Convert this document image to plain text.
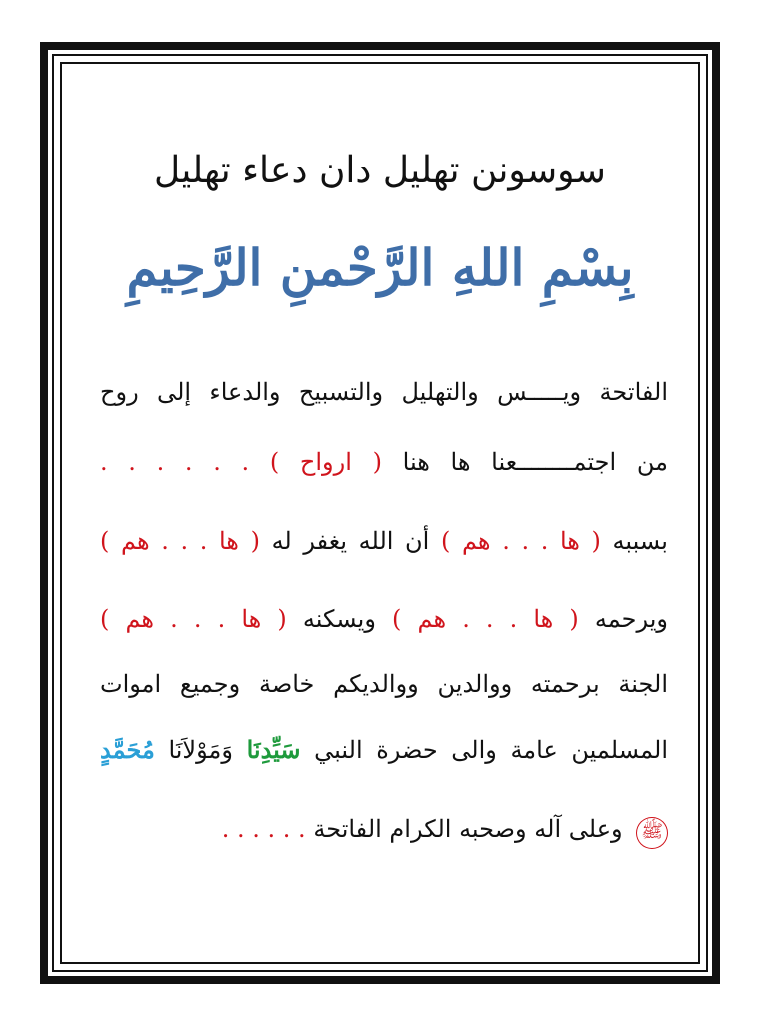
سوسونن تهليل دان دعاء تهليل
بِسْمِ اللهِ الرَّحْمنِ الرَّحِيمِ
الفاتحة ويـــــس والتهليل والتسبيح والدعاء إلى روح
من اجتمــــــــعنا ها هنا ( ارواح ) . . . . . .
بسببه ( ها . . . هم ) أن الله يغفر له ( ها . . . هم )
ويرحمه ( ها . . . هم ) ويسكنه ( ها . . . هم )
الجنة برحمته ووالدين ووالديكم خاصة وجميع اموات
المسلمين عامة والى حضرة النبي سَيِّدِنَا وَمَوْلاَنَا مُحَمَّدٍ
ﷺ وعلى آله وصحبه الكرام الفاتحة . . . . . .
